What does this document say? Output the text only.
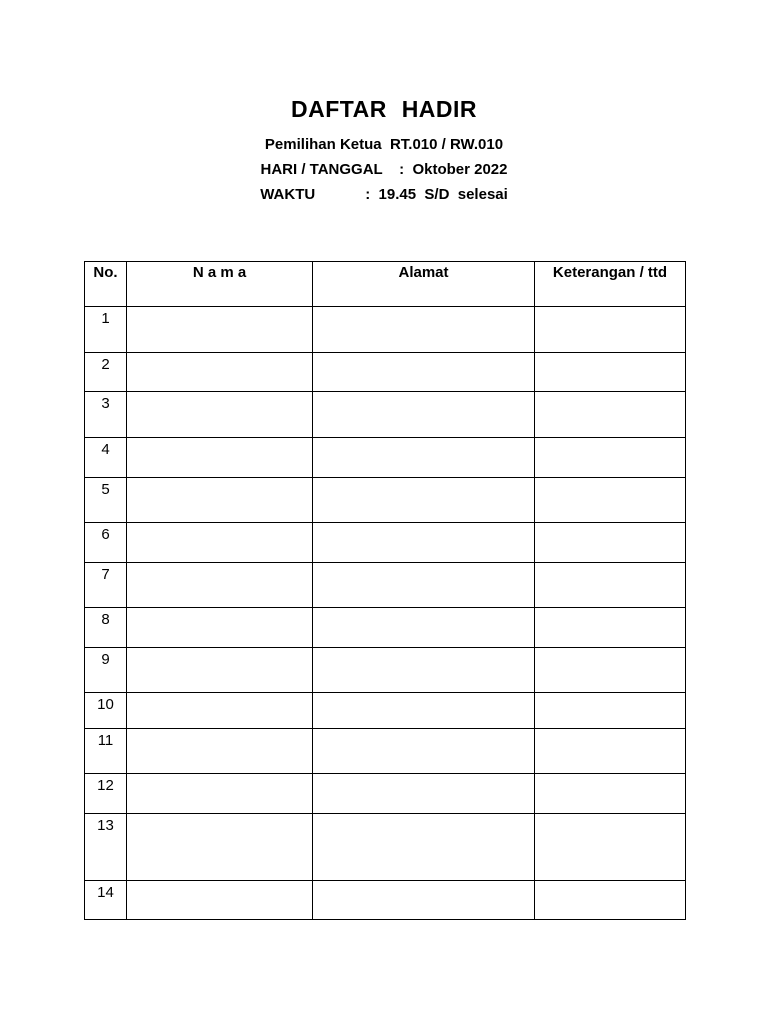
DAFTAR HADIR
Pemilihan Ketua  RT.010 / RW.010
HARI / TANGGAL    :  Oktober 2022
WAKTU            :  19.45  S/D  selesai
No.	N a m a	Alamat	Keterangan / ttd
1			
2			
3			
4			
5			
6			
7			
8			
9			
10			
11			
12			
13			
14			
